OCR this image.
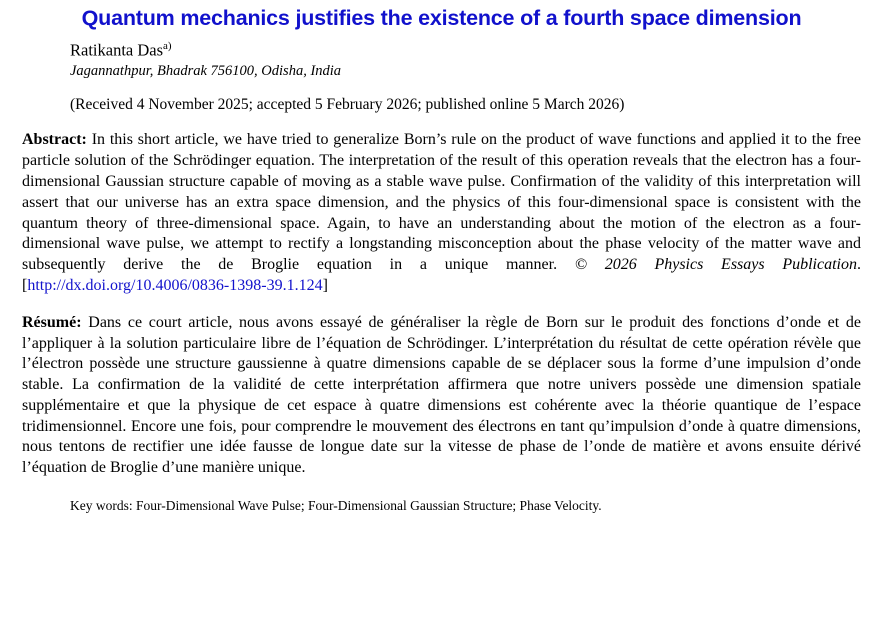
Quantum mechanics justifies the existence of a fourth space dimension
Ratikanta Das$^{a)}$
Jagannathpur, Bhadrak 756100, Odisha, India
(Received 4 November 2025; accepted 5 February 2026; published online 5 March 2026)

Abstract: In this short article, we have tried to generalize Born’s rule on the product of wave functions and applied it to the free particle solution of the Schrödinger equation. The interpretation of the result of this operation reveals that the electron has a four-dimensional Gaussian structure capable of moving as a stable wave pulse. Confirmation of the validity of this interpretation will assert that our universe has an extra space dimension, and the physics of this four-dimensional space is consistent with the quantum theory of three-dimensional space. Again, to have an understanding about the motion of the electron as a four-dimensional wave pulse, we attempt to rectify a longstanding misconception about the phase velocity of the matter wave and subsequently derive the de Broglie equation in a unique manner. © 2026 Physics Essays Publication. [http://dx.doi.org/10.4006/0836-1398-39.1.124]

Résumé: Dans ce court article, nous avons essayé de généraliser la règle de Born sur le produit des fonctions d’onde et de l’appliquer à la solution particulaire libre de l’équation de Schrödinger. L’interprétation du résultat de cette opération révèle que l’électron possède une structure gaussienne à quatre dimensions capable de se déplacer sous la forme d’une impulsion d’onde stable. La confirmation de la validité de cette interprétation affirmera que notre univers possède une dimension spatiale supplémentaire et que la physique de cet espace à quatre dimensions est cohérente avec la théorie quantique de l’espace tridimensionnel. Encore une fois, pour comprendre le mouvement des électrons en tant qu’impulsion d’onde à quatre dimensions, nous tentons de rectifier une idée fausse de longue date sur la vitesse de phase de l’onde de matière et avons ensuite dérivé l’équation de Broglie d’une manière unique.

Key words: Four-Dimensional Wave Pulse; Four-Dimensional Gaussian Structure; Phase Velocity.
